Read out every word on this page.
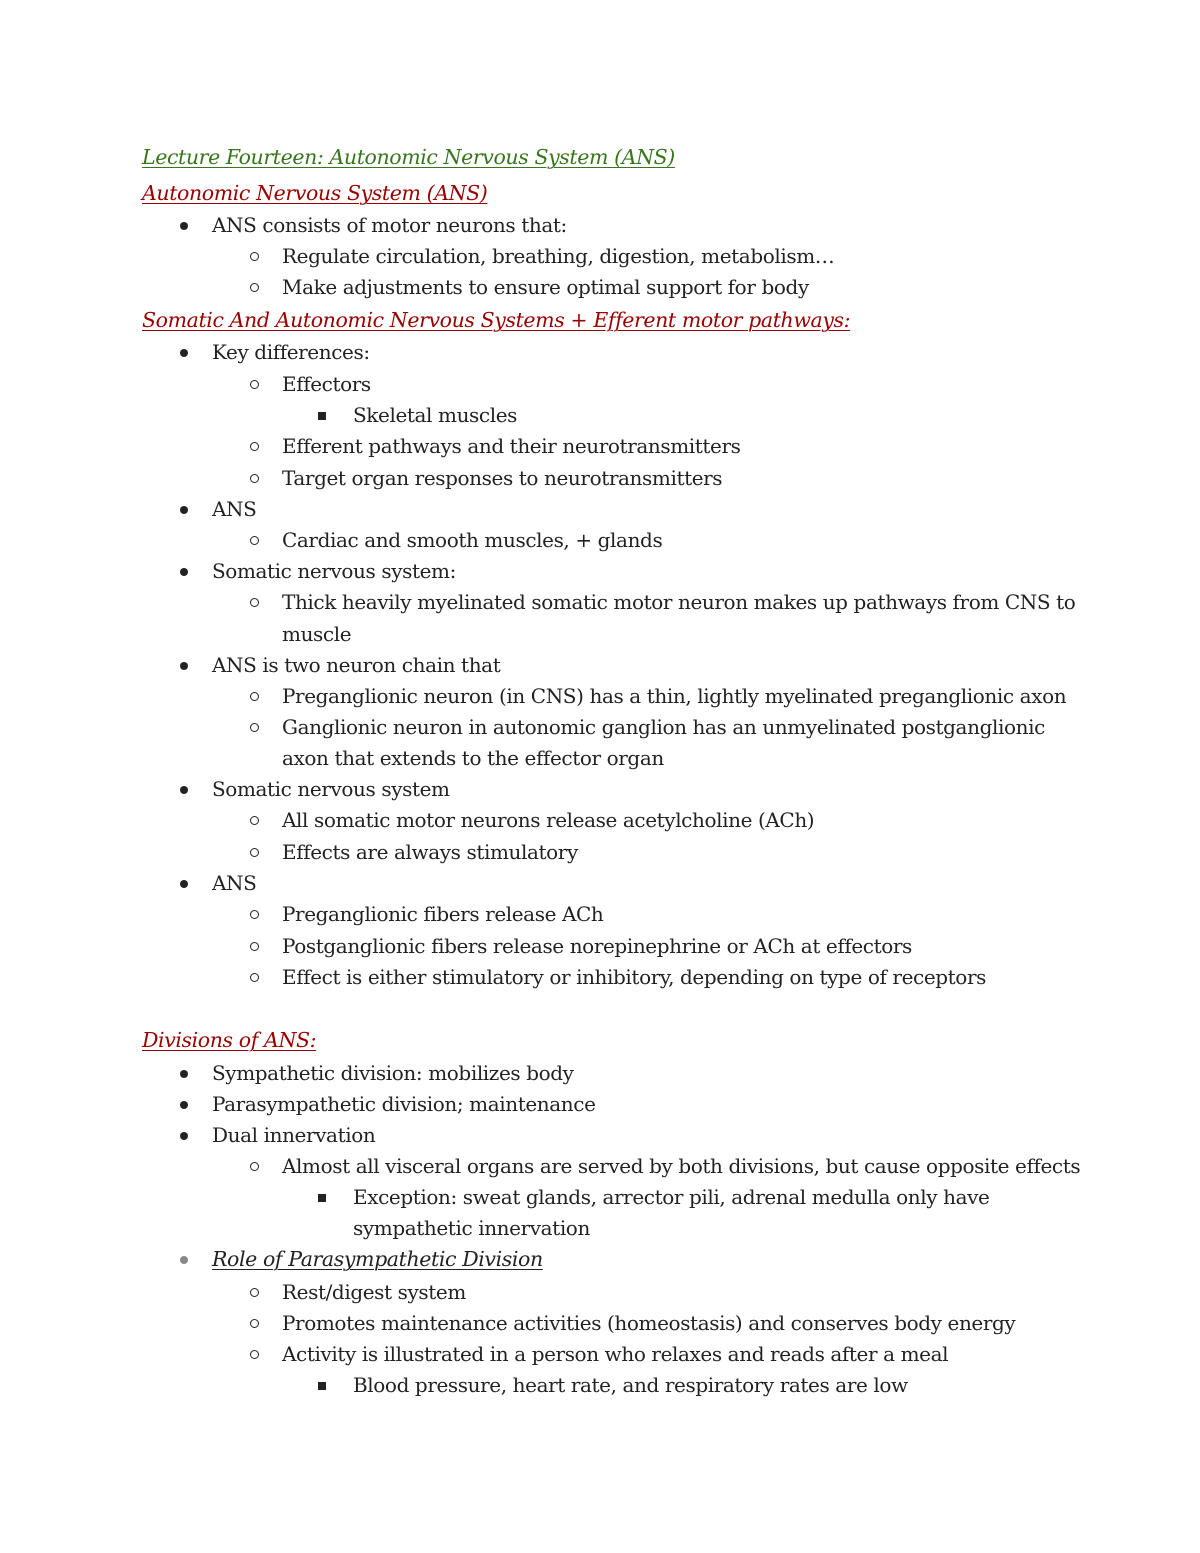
Lecture Fourteen: Autonomic Nervous System (ANS)
Autonomic Nervous System (ANS)
ANS consists of motor neurons that:
Regulate circulation, breathing, digestion, metabolism…
Make adjustments to ensure optimal support for body
Somatic And Autonomic Nervous Systems + Efferent motor pathways:
Key differences:
Effectors
Skeletal muscles
Efferent pathways and their neurotransmitters
Target organ responses to neurotransmitters
ANS
Cardiac and smooth muscles, + glands
Somatic nervous system:
Thick heavily myelinated somatic motor neuron makes up pathways from CNS to
muscle
ANS is two neuron chain that
Preganglionic neuron (in CNS) has a thin, lightly myelinated preganglionic axon
Ganglionic neuron in autonomic ganglion has an unmyelinated postganglionic
axon that extends to the effector organ
Somatic nervous system
All somatic motor neurons release acetylcholine (ACh)
Effects are always stimulatory
ANS
Preganglionic fibers release ACh
Postganglionic fibers release norepinephrine or ACh at effectors
Effect is either stimulatory or inhibitory, depending on type of receptors
Divisions of ANS:
Sympathetic division: mobilizes body
Parasympathetic division; maintenance
Dual innervation
Almost all visceral organs are served by both divisions, but cause opposite effects
Exception: sweat glands, arrector pili, adrenal medulla only have
sympathetic innervation
Role of Parasympathetic Division
Rest/digest system
Promotes maintenance activities (homeostasis) and conserves body energy
Activity is illustrated in a person who relaxes and reads after a meal
Blood pressure, heart rate, and respiratory rates are low
